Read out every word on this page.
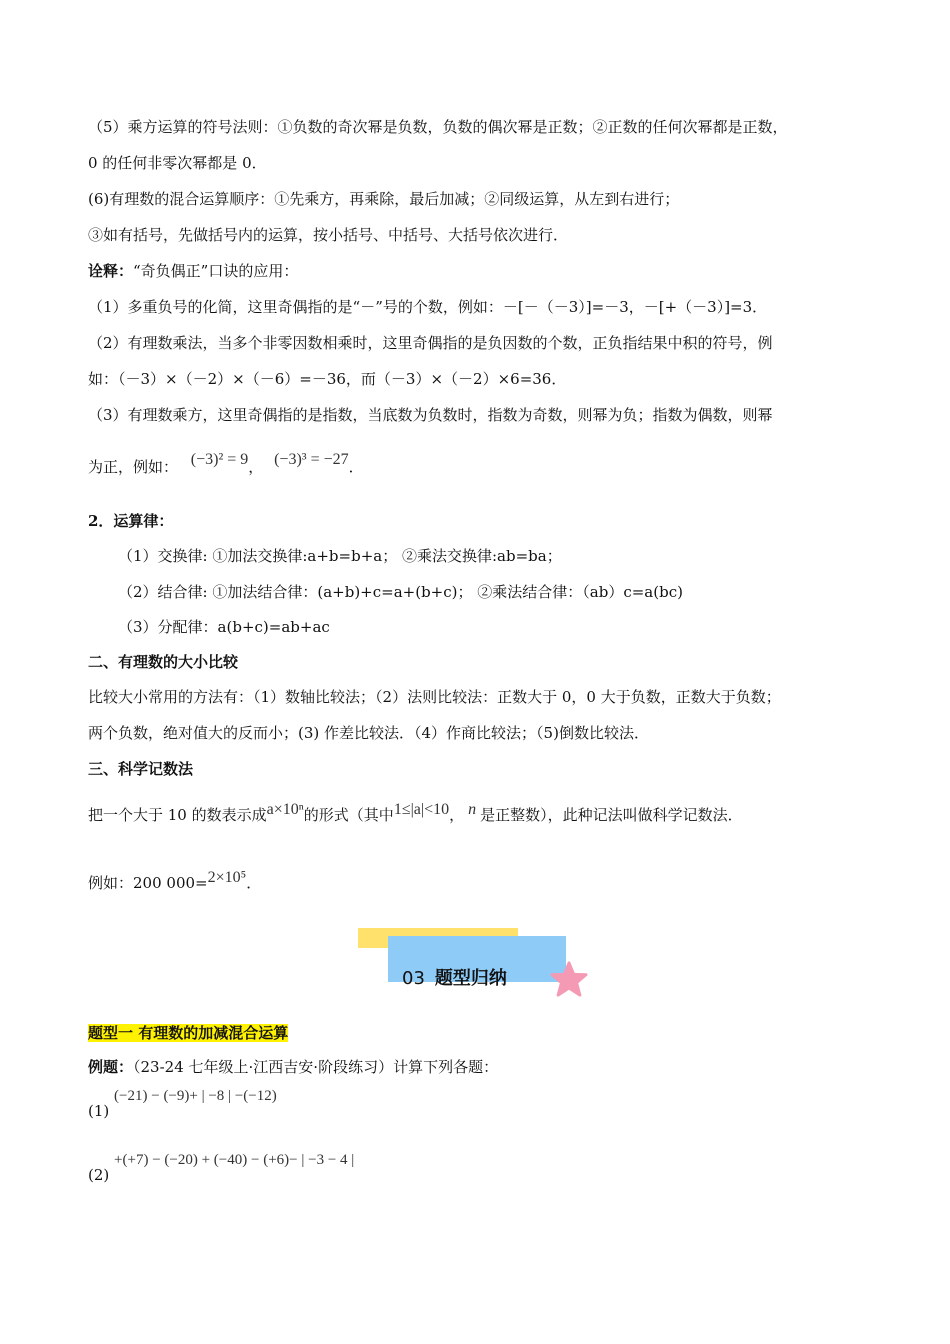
（5）乘方运算的符号法则：①负数的奇次幂是负数，负数的偶次幂是正数；②正数的任何次幂都是正数，
0 的任何非零次幂都是 0．
(6)有理数的混合运算顺序：①先乘方，再乘除，最后加减；②同级运算，从左到右进行；
③如有括号，先做括号内的运算，按小括号、中括号、大括号依次进行．
诠释：“奇负偶正”口诀的应用：
（1）多重负号的化简，这里奇偶指的是“－”号的个数，例如：－[－（－3）]=－3，－[+（－3）]=3．
（2）有理数乘法，当多个非零因数相乘时，这里奇偶指的是负因数的个数，正负指结果中积的符号，例
如：（－3）×（－2）×（－6）=－36，而（－3）×（－2）×6=36．
（3）有理数乘方，这里奇偶指的是指数，当底数为负数时，指数为奇数，则幂为负；指数为偶数，则幂
为正，例如： (−3)² = 9， (−3)³ = −27．
2．运算律：
（1）交换律: ①加法交换律:a+b=b+a； ②乘法交换律:ab=ba；
（2）结合律: ①加法结合律：(a+b)+c=a+(b+c)； ②乘法结合律：（ab）c=a(bc)
（3）分配律：a(b+c)=ab+ac
二、有理数的大小比较
比较大小常用的方法有：（1）数轴比较法；（2）法则比较法：正数大于 0，0 大于负数，正数大于负数；
两个负数，绝对值大的反而小；(3) 作差比较法．（4）作商比较法；（5)倒数比较法．
三、科学记数法
把一个大于 10 的数表示成a×10ⁿ的形式（其中1≤|a|<10， n 是正整数），此种记法叫做科学记数法．
例如：200 000=2×10⁵．
03 题型归纳
题型一 有理数的加减混合运算
例题：（23-24 七年级上·江西吉安·阶段练习）计算下列各题：
(1) (−21) − (−9)+ | −8 | −(−12)
(2) +(+7) − (−20) + (−40) − (+6)− | −3 − 4 |
